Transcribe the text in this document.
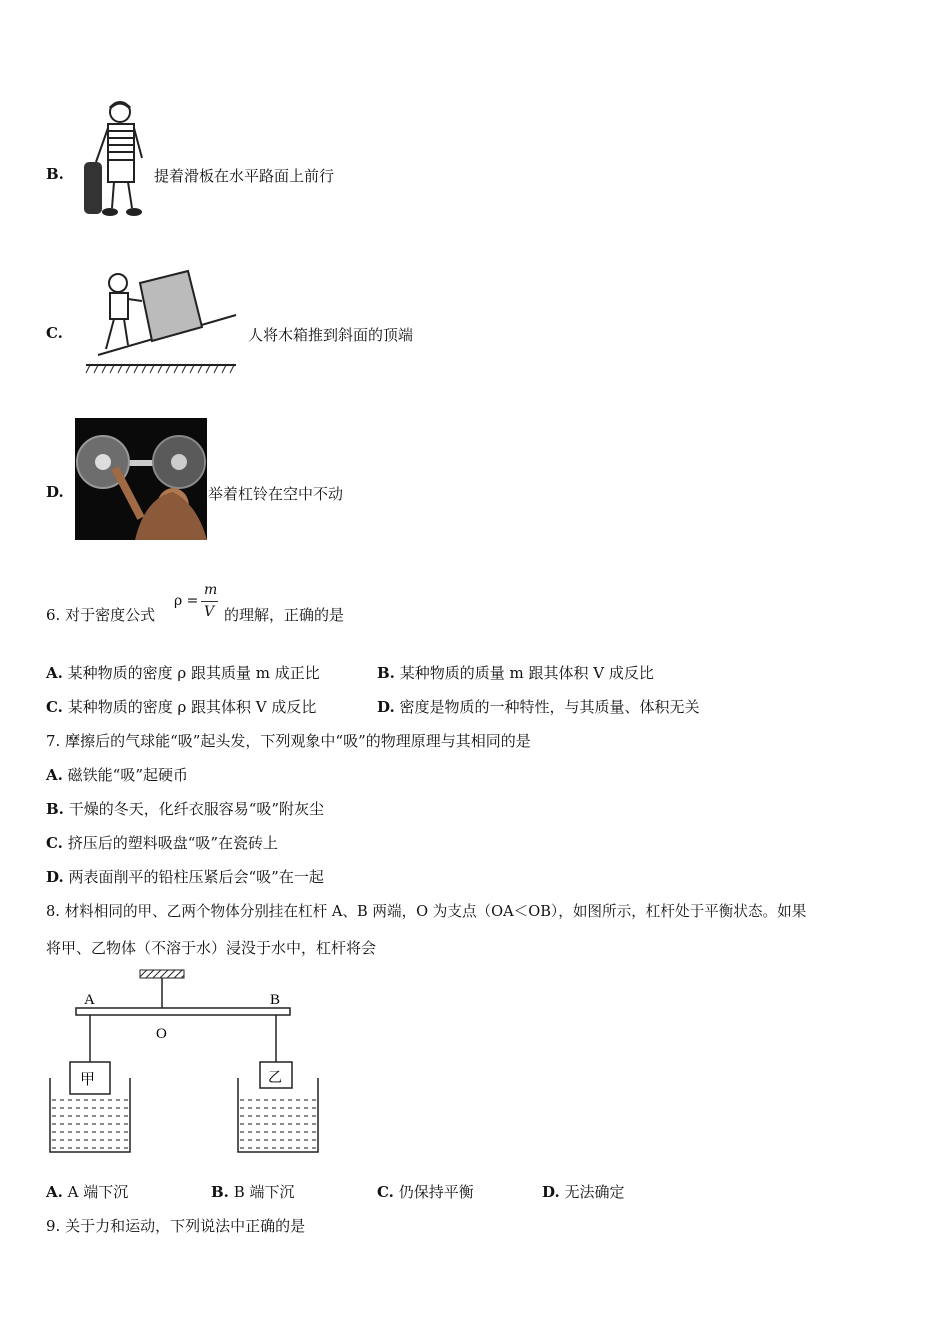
B.	提着滑板在水平路面上前行
C.	人将木箱推到斜面的顶端
D.	举着杠铃在空中不动
6. 对于密度公式
ρ =
m
V 的理解，正确的是
A. 某种物质的密度 ρ 跟其质量 m 成正比	B. 某种物质的质量 m 跟其体积 V 成反比
C. 某种物质的密度 ρ 跟其体积 V 成反比	D. 密度是物质的一种特性，与其质量、体积无关
7. 摩擦后的气球能“吸”起头发，下列观象中“吸”的物理原理与其相同的是
A. 磁铁能“吸”起硬币
B. 干燥的冬天，化纤衣服容易“吸”附灰尘
C. 挤压后的塑料吸盘“吸”在瓷砖上
D. 两表面削平的铅柱压紧后会“吸”在一起
8. 材料相同的甲、乙两个物体分别挂在杠杆 A、B 两端，O 为支点（OA＜OB），如图所示，杠杆处于平衡状态。如果
将甲、乙物体（不溶于水）浸没于水中，杠杆将会
A	B
O
甲	乙
A. A 端下沉	B. B 端下沉	C. 仍保持平衡	D. 无法确定
9. 关于力和运动，下列说法中正确的是
